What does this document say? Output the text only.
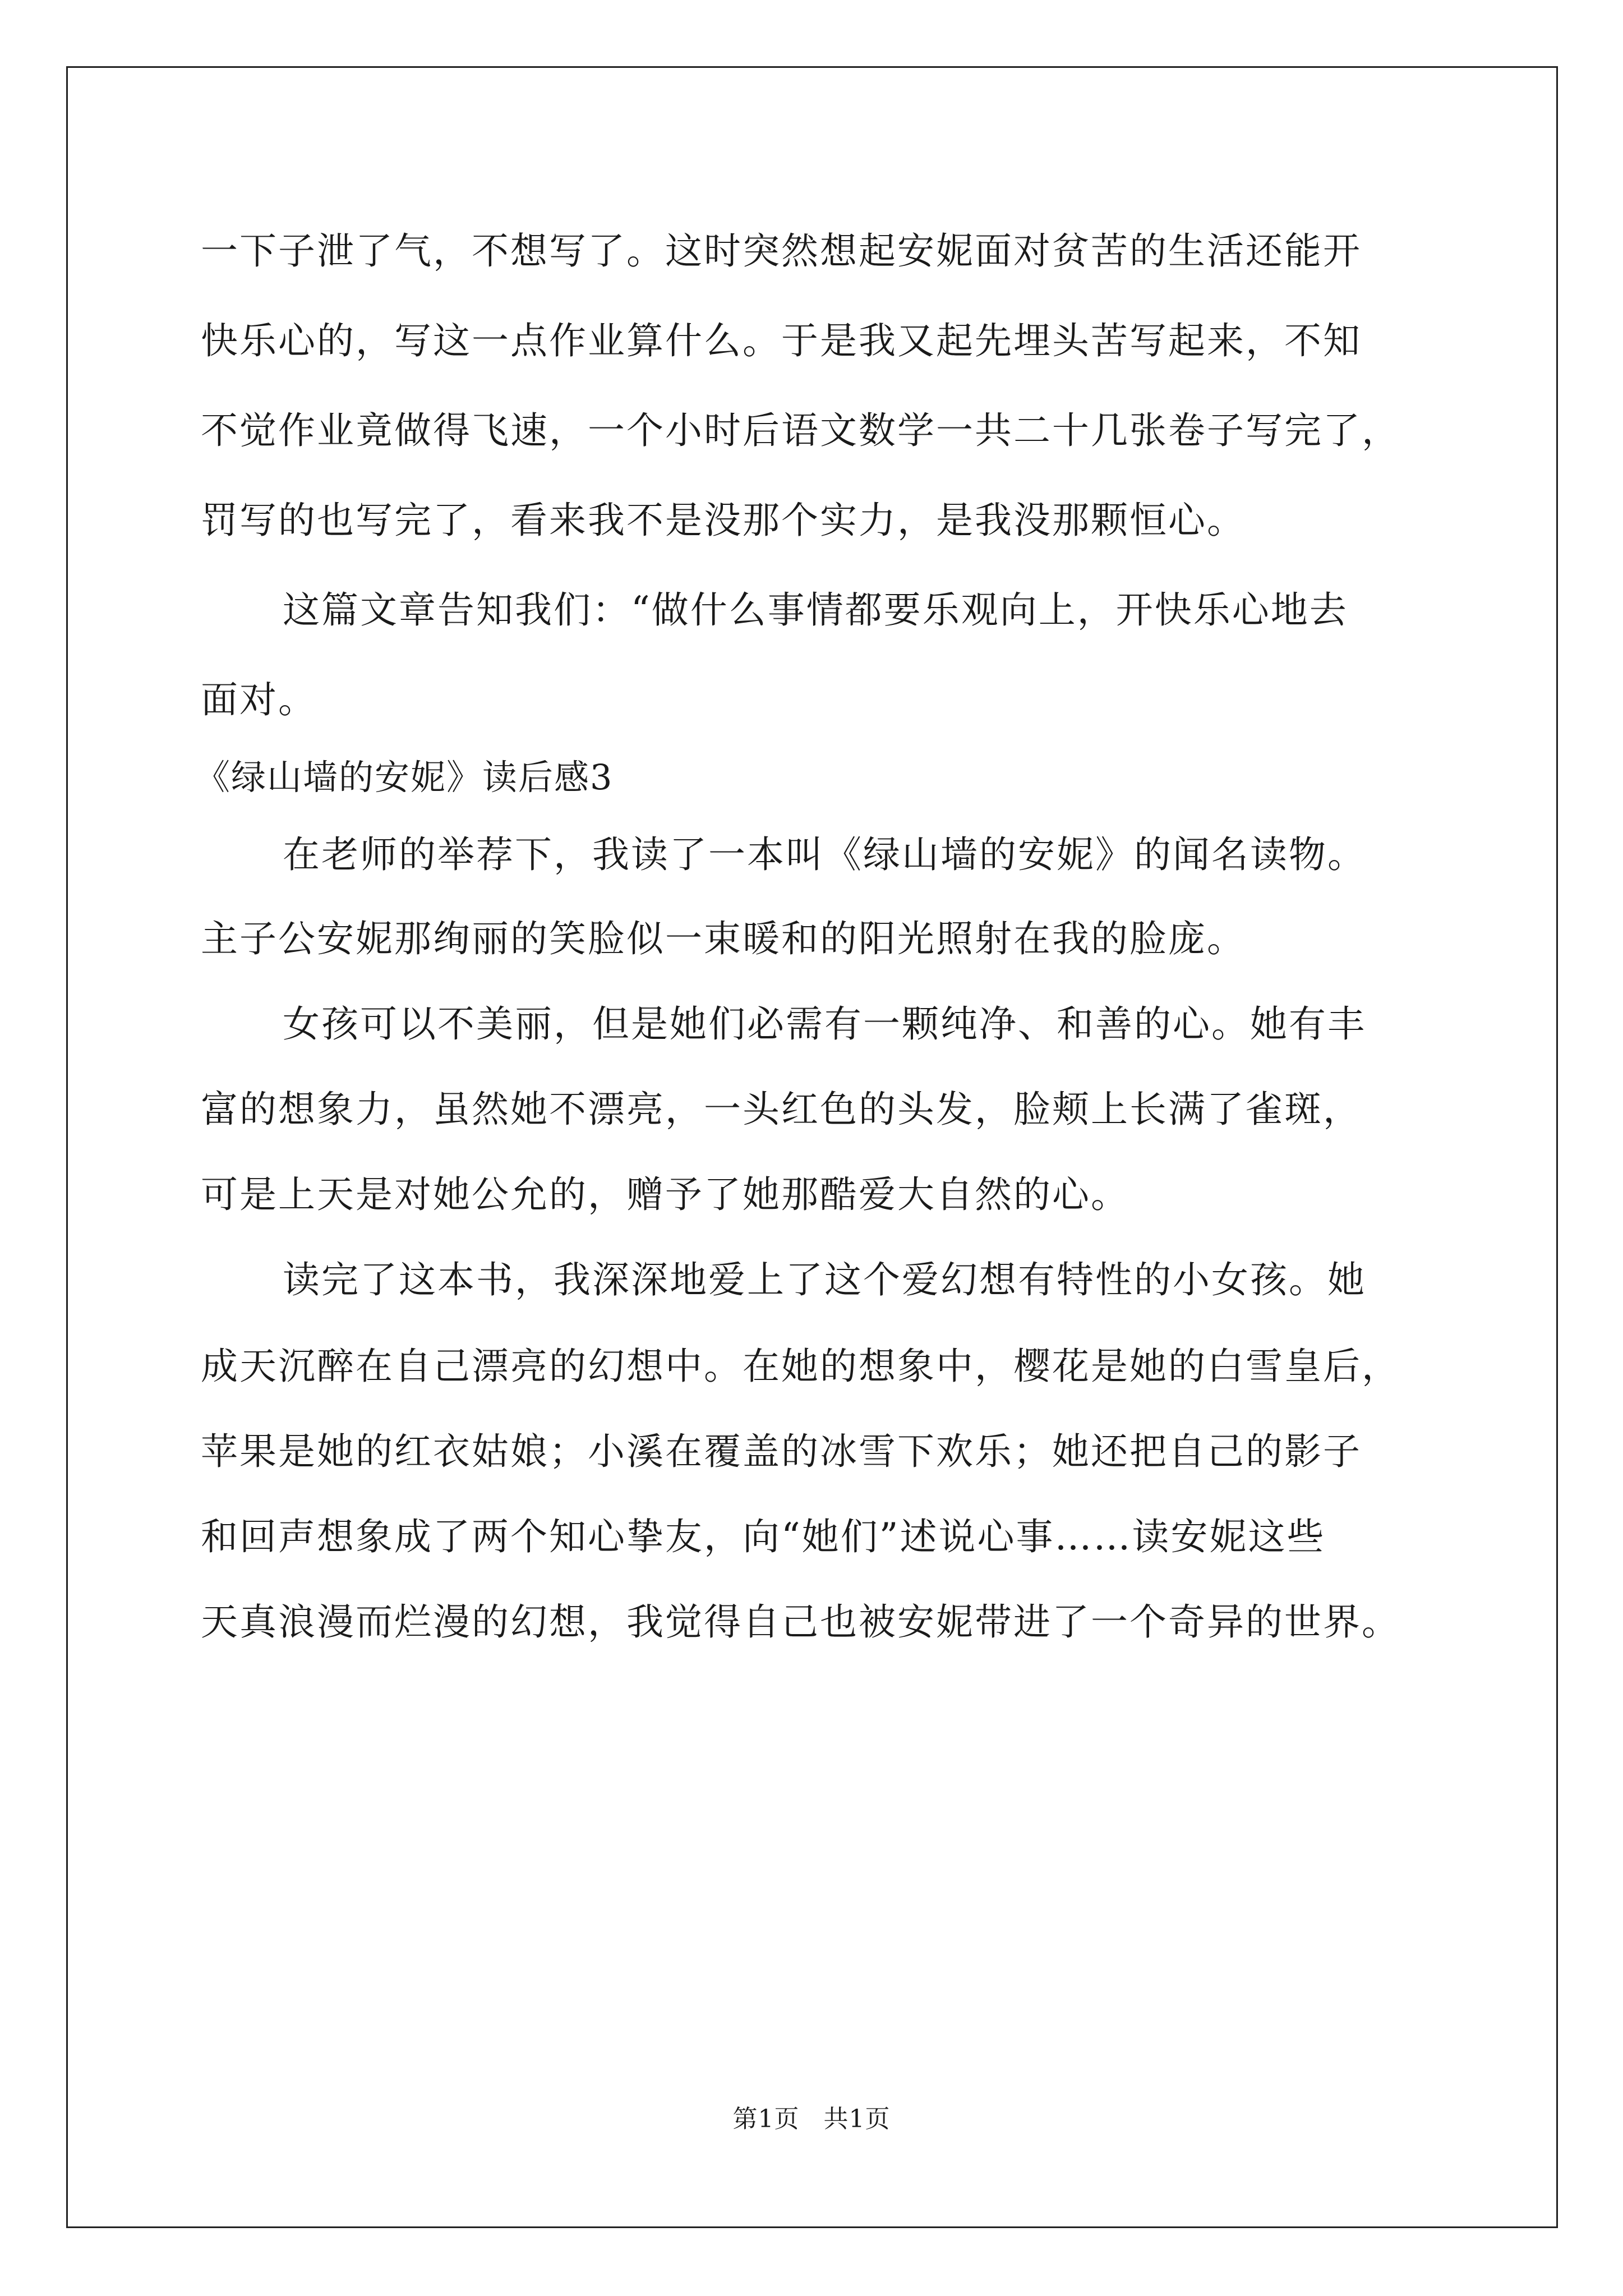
一下子泄了气，不想写了。这时突然想起安妮面对贫苦的生活还能开
快乐心的，写这一点作业算什么。于是我又起先埋头苦写起来，不知
不觉作业竟做得飞速，一个小时后语文数学一共二十几张卷子写完了，
罚写的也写完了，看来我不是没那个实力，是我没那颗恒心。
这篇文章告知我们：“做什么事情都要乐观向上，开快乐心地去
面对。
《绿山墙的安妮》读后感3
在老师的举荐下，我读了一本叫《绿山墙的安妮》的闻名读物。
主子公安妮那绚丽的笑脸似一束暖和的阳光照射在我的脸庞。
女孩可以不美丽，但是她们必需有一颗纯净、和善的心。她有丰
富的想象力，虽然她不漂亮，一头红色的头发，脸颊上长满了雀斑，
可是上天是对她公允的，赠予了她那酷爱大自然的心。
读完了这本书，我深深地爱上了这个爱幻想有特性的小女孩。她
成天沉醉在自己漂亮的幻想中。在她的想象中，樱花是她的白雪皇后，
苹果是她的红衣姑娘；小溪在覆盖的冰雪下欢乐；她还把自己的影子
和回声想象成了两个知心挚友，向“她们”述说心事……读安妮这些
天真浪漫而烂漫的幻想，我觉得自己也被安妮带进了一个奇异的世界。
第1页 共1页
